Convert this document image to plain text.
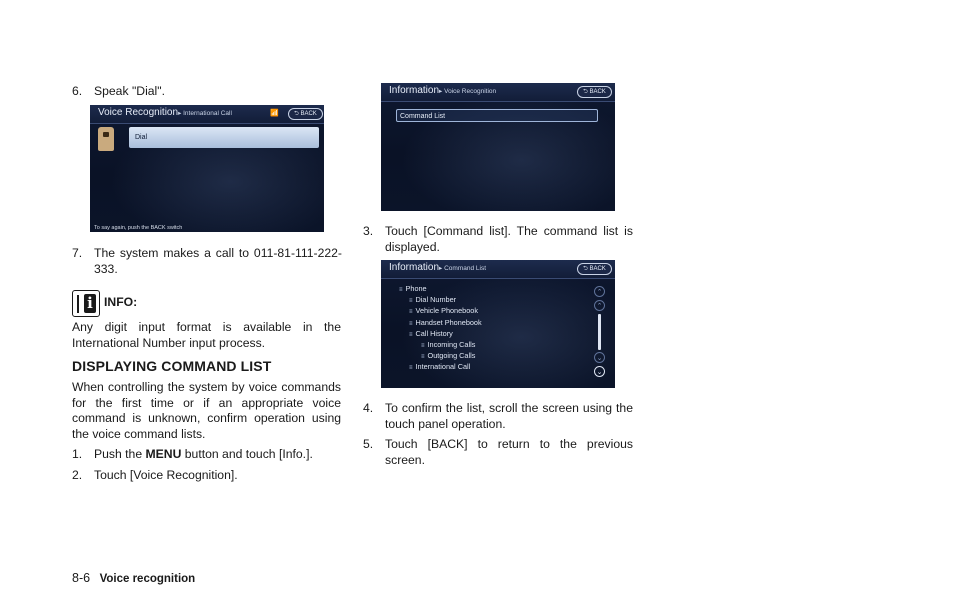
6. Speak "Dial".
Voice Recognition▸ International Call	📶	⮌ BACK
Dial
To say again, push the BACK switch
7. The system makes a call to 011-81-111-222-333.
i INFO:
Any digit input format is available in the International Number input process.
DISPLAYING COMMAND LIST
When controlling the system by voice commands for the first time or if an appropriate voice command is unknown, confirm operation using the voice command lists.
1. Push the MENU button and touch [Info.].
2. Touch [Voice Recognition].
Information▸ Voice Recognition	⮌ BACK
Command List
3. Touch [Command list]. The command list is displayed.
Information▸ Command List	⮌ BACK
≡ Phone
≡ Dial Number
≡ Vehicle Phonebook
≡ Handset Phonebook
≡ Call History
≡ Incoming Calls
≡ Outgoing Calls
≡ International Call
⌃
⌃
⌄
⌄
4. To confirm the list, scroll the screen using the touch panel operation.
5. Touch [BACK] to return to the previous screen.
8-6 Voice recognition
